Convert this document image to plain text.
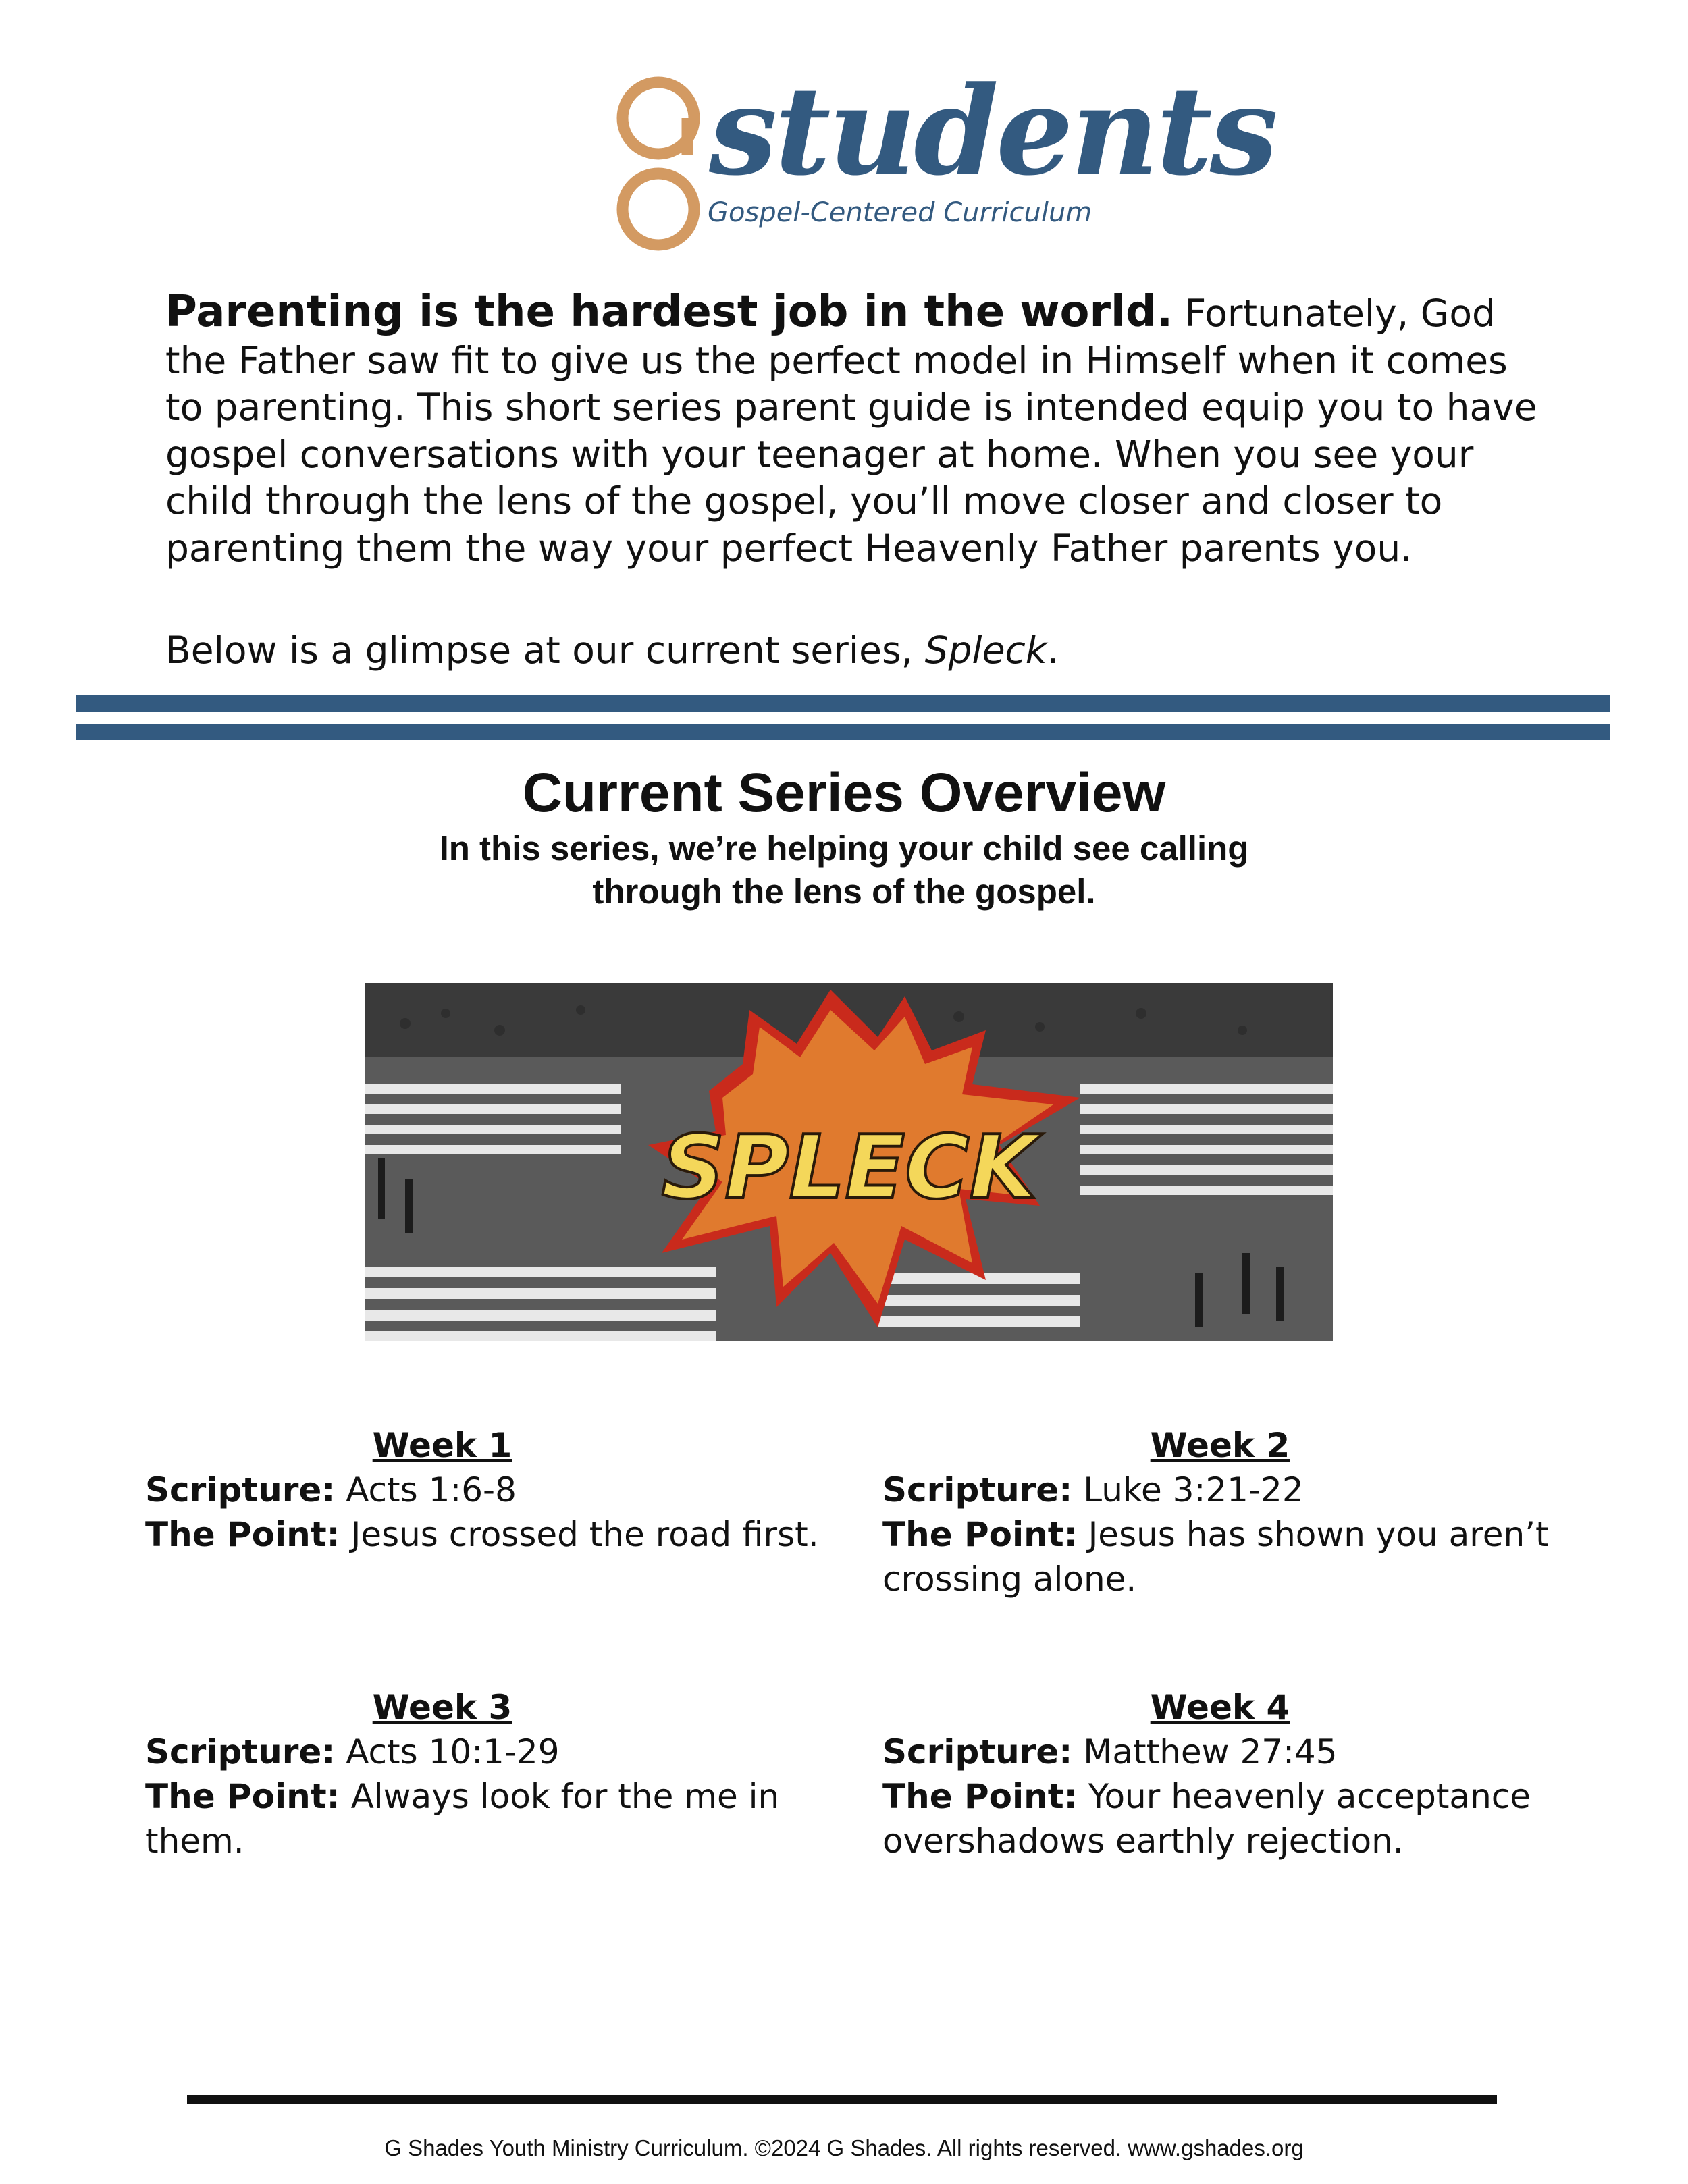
students
Gospel-Centered Curriculum
Parenting is the hardest job in the world. Fortunately, God the Father saw fit to give us the perfect model in Himself when it comes to parenting. This short series parent guide is intended equip you to have gospel conversations with your teenager at home. When you see your child through the lens of the gospel, you’ll move closer and closer to parenting them the way your perfect Heavenly Father parents you.
Below is a glimpse at our current series, Spleck.
Current Series Overview
In this series, we’re helping your child see calling
through the lens of the gospel.
SPLECK
Week 1
Scripture: Acts 1:6-8
The Point: Jesus crossed the road first.
Week 2
Scripture: Luke 3:21-22
The Point: Jesus has shown you aren’t crossing alone.
Week 3
Scripture: Acts 10:1-29
The Point: Always look for the me in them.
Week 4
Scripture: Matthew 27:45
The Point: Your heavenly acceptance overshadows earthly rejection.
G Shades Youth Ministry Curriculum. ©2024 G Shades. All rights reserved. www.gshades.org
